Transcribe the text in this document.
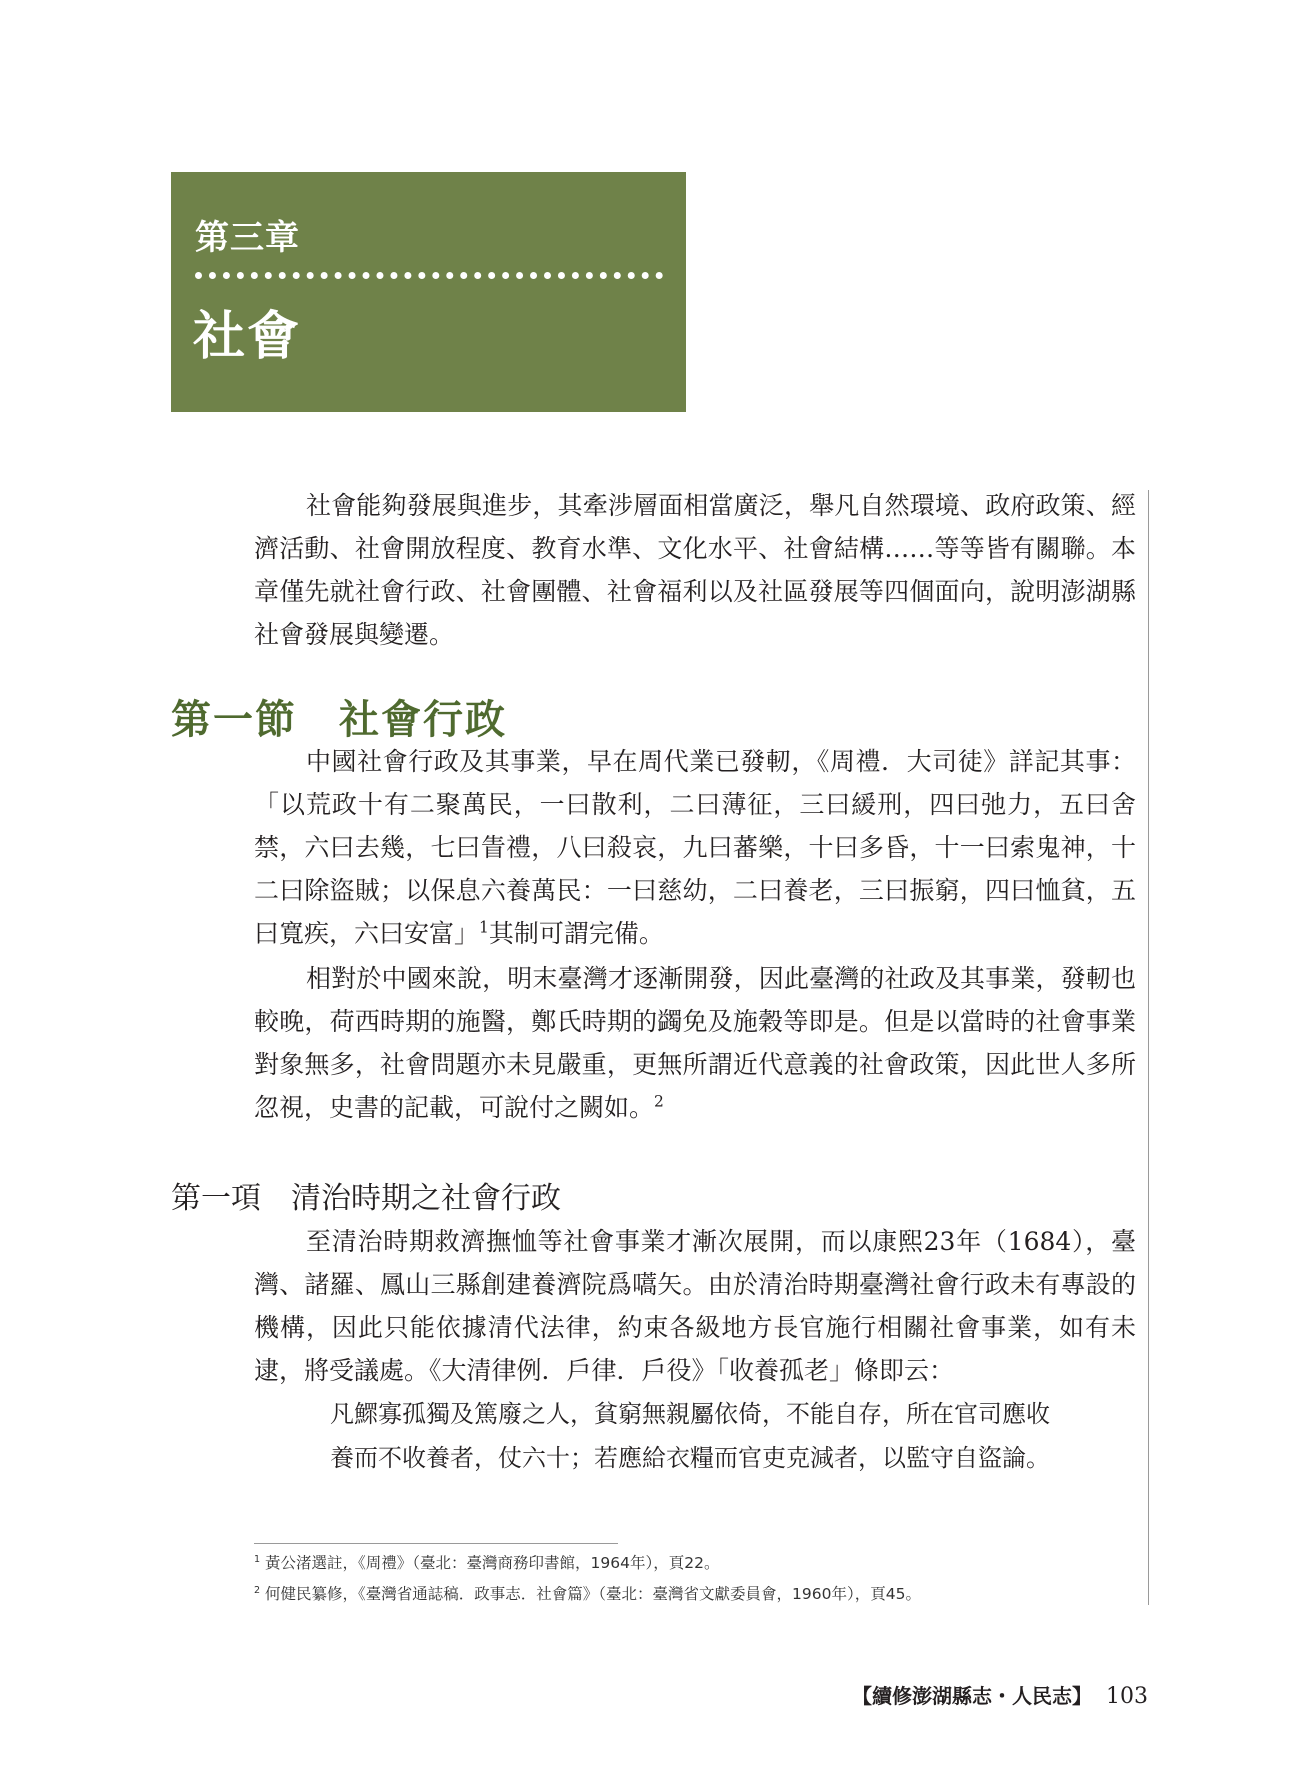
第三章
社會

社會能夠發展與進步，其牽涉層面相當廣泛，舉凡自然環境、政府政策、經濟活動、社會開放程度、教育水準、文化水平、社會結構……等等皆有關聯。本章僅先就社會行政、社會團體、社會福利以及社區發展等四個面向，說明澎湖縣社會發展與變遷。

第一節 社會行政

中國社會行政及其事業，早在周代業已發軔，《周禮．大司徒》詳記其事：「以荒政十有二聚萬民，一曰散利，二曰薄征，三曰緩刑，四曰弛力，五曰舍禁，六曰去幾，七曰眚禮，八曰殺哀，九曰蕃樂，十曰多昏，十一曰索鬼神，十二曰除盜賊；以保息六養萬民：一曰慈幼，二曰養老，三曰振窮，四曰恤貧，五曰寬疾，六曰安富」$^1$其制可謂完備。

相對於中國來說，明末臺灣才逐漸開發，因此臺灣的社政及其事業，發軔也較晚，荷西時期的施醫，鄭氏時期的蠲免及施穀等即是。但是以當時的社會事業對象無多，社會問題亦未見嚴重，更無所謂近代意義的社會政策，因此世人多所忽視，史書的記載，可說付之闕如。$^2$

第一項 清治時期之社會行政

至清治時期救濟撫恤等社會事業才漸次展開，而以康熙23年（1684），臺灣、諸羅、鳳山三縣創建養濟院爲嚆矢。由於清治時期臺灣社會行政未有專設的機構，因此只能依據清代法律，約束各級地方長官施行相關社會事業，如有未逮，將受議處。《大清律例．戶律．戶役》「收養孤老」條即云：

凡鰥寡孤獨及篤廢之人，貧窮無親屬依倚，不能自存，所在官司應收
養而不收養者，仗六十；若應給衣糧而官吏克減者，以監守自盜論。

$^1$ 黃公渚選註，《周禮》（臺北：臺灣商務印書館，1964年），頁22。

$^2$ 何健民纂修，《臺灣省通誌稿．政事志．社會篇》（臺北：臺灣省文獻委員會，1960年），頁45。

【續修澎湖縣志・人民志】 103
